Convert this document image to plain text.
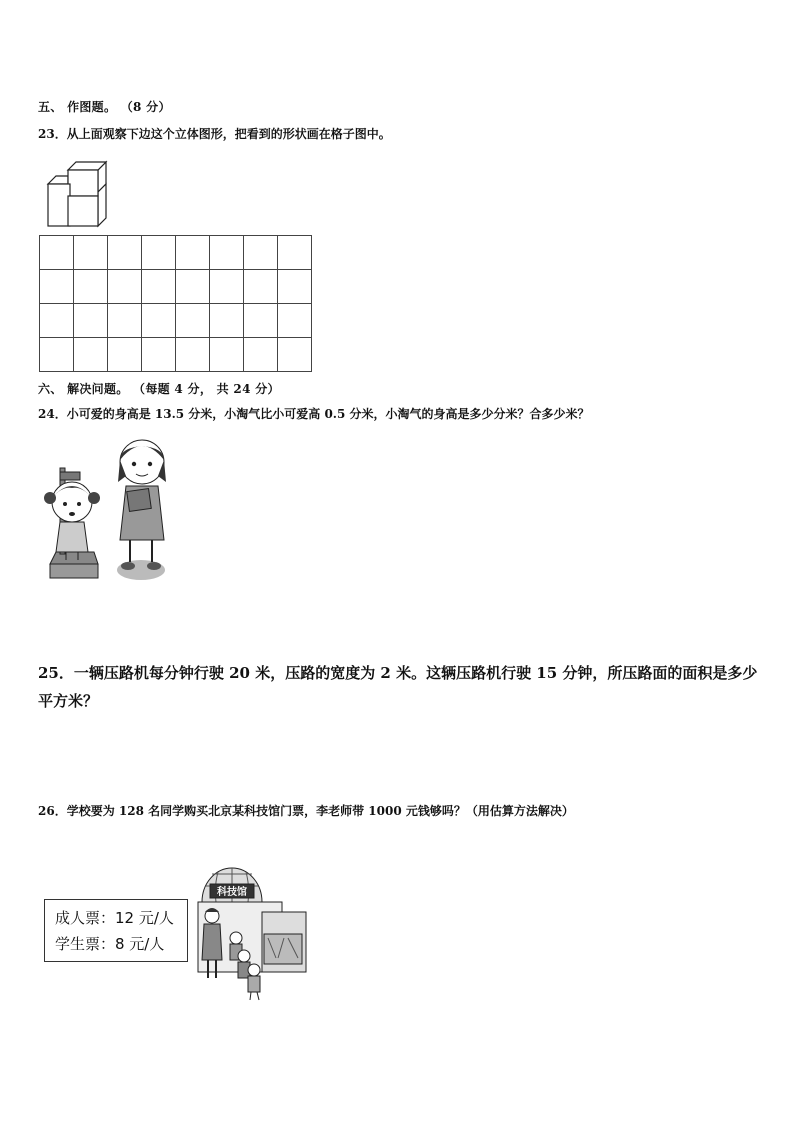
五、 作图题。 （8 分）
23．从上面观察下边这个立体图形，把看到的形状画在格子图中。
六、 解决问题。 （每题 4 分， 共 24 分）
24．小可爱的身高是 13.5 分米，小淘气比小可爱高 0.5 分米，小淘气的身高是多少分米？合多少米？
25．一辆压路机每分钟行驶 20 米，压路的宽度为 2 米。这辆压路机行驶 15 分钟，所压路面的面积是多少平方米？
26．学校要为 128 名同学购买北京某科技馆门票，李老师带 1000 元钱够吗？（用估算方法解决）
成人票：12 元/人
学生票：8 元/人
科技馆
